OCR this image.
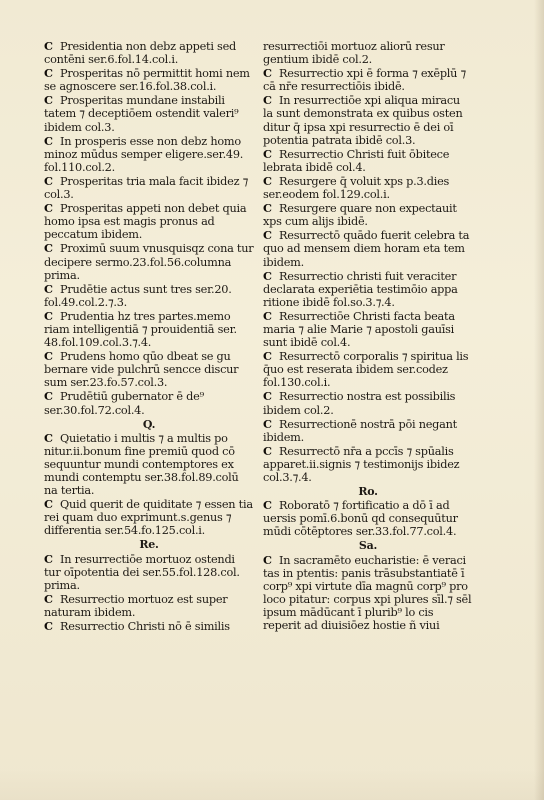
C Presidentia non debz appeti sed contēni ser.6.fol.14.col.i.
C Prosperitas nō permittit homi nem se agnoscere ser.16.fol.38.col.i.
C Prosperitas mundane instabili tatem ⁊ deceptiōem ostendit valeri⁹ ibidem col.3.
C In prosperis esse non debz homo minoz mūdus semper eligere.ser.49. fol.110.col.2.
C Prosperitas tria mala facit ibidez ⁊ col.3.
C Prosperitas appeti non debet quia homo ipsa est magis pronus ad peccatum ibidem.
C Proximū suum vnusquisqz cona tur decipere sermo.23.fol.56.columna prima.
C Prudētie actus sunt tres ser.20. fol.49.col.2.⁊.3.
C Prudentia hz tres partes.memo riam intelligentiā ⁊ prouidentiā ser. 48.fol.109.col.3.⁊.4.
C Prudens homo qūo dbeat se gu bernare vide pulchrū sencce discur sum ser.23.fo.57.col.3.
C Prudētiū gubernator ē de⁹ ser.30.fol.72.col.4.
Q.
C Quietatio i multis ⁊ a multis po nitur.ii.bonum fine premiū quod cō sequuntur mundi contemptores ex mundi contemptu ser.38.fol.89.colū na tertia.
C Quid querit de quiditate ⁊ essen tia rei quam duo exprimunt.s.genus ⁊ differentia ser.54.fo.125.col.i.
Re.
C In resurrectiōe mortuoz ostendi tur oīpotentia dei ser.55.fol.128.col. prima.
C Resurrectio mortuoz est super naturam ibidem.
C Resurrectio Christi nō ē similis
resurrectiōi mortuoz aliorū resur gentium ibidē col.2.
C Resurrectio xpi ē forma ⁊ exēplū ⁊ cā nr̄e resurrectiōis ibidē.
C In resurrectiōe xpi aliqua miracu la sunt demonstrata ex quibus osten ditur q̄ ipsa xpi resurrectio ē dei oī potentia patrata ibidē col.3.
C Resurrectio Christi fuit ōbitece lebrata ibidē col.4.
C Resurgere q̄ voluit xps p.3.dies ser.eodem fol.129.col.i.
C Resurgere quare non expectauit xps cum alijs ibidē.
C Resurrectō quādo fuerit celebra ta quo ad mensem diem horam eta tem ibidem.
C Resurrectio christi fuit veraciter declarata experiētia testimōio appa ritione ibidē fol.so.3.⁊.4.
C Resurrectiōe Christi facta beata maria ⁊ alie Marie ⁊ apostoli gauīsi sunt ibidē col.4.
C Resurrectō corporalis ⁊ spiritua lis q̄uo est reserata ibidem ser.codez fol.130.col.i.
C Resurrectio nostra est possibilis ibidem col.2.
C Resurrectionē nostrā pōi negant ibidem.
C Resurrectō nr̄a a pccīs ⁊ spūalis apparet.ii.signis ⁊ testimonijs ibidez col.3.⁊.4.
Ro.
C Roboratō ⁊ fortificatio a dō ī ad uersis pomī.6.bonū qd consequūtur mūdi cōtēptores ser.33.fol.77.col.4.
Sa.
C In sacramēto eucharistie: ē veraci tas in ptentis: panis trāsubstantiatē ī corp⁹ xpi virtute dīa magnū corp⁹ pro loco pitatur: corpus xpi plures sīl.⁊ sēl ipsum mādūcant ī plurib⁹ lo cis reperit ad diuisiōez hostie ñ viui
